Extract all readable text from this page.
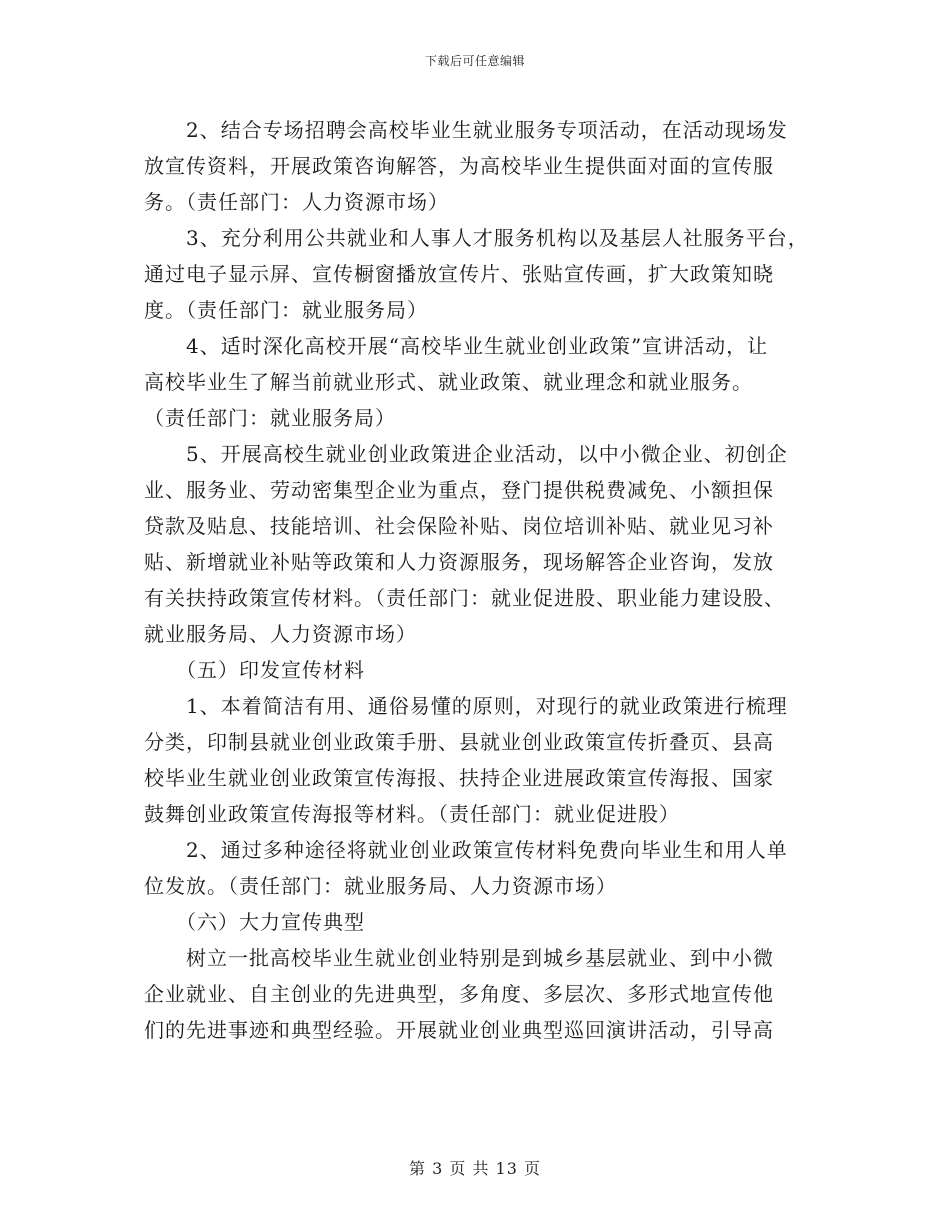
下载后可任意编辑
　　2、结合专场招聘会高校毕业生就业服务专项活动，在活动现场发
放宣传资料，开展政策咨询解答，为高校毕业生提供面对面的宣传服
务。（责任部门：人力资源市场）
　　3、充分利用公共就业和人事人才服务机构以及基层人社服务平台，
通过电子显示屏、宣传橱窗播放宣传片、张贴宣传画，扩大政策知晓
度。（责任部门：就业服务局）
　　4、适时深化高校开展“高校毕业生就业创业政策”宣讲活动，让
高校毕业生了解当前就业形式、就业政策、就业理念和就业服务。
（责任部门：就业服务局）
　　5、开展高校生就业创业政策进企业活动，以中小微企业、初创企
业、服务业、劳动密集型企业为重点，登门提供税费减免、小额担保
贷款及贴息、技能培训、社会保险补贴、岗位培训补贴、就业见习补
贴、新增就业补贴等政策和人力资源服务，现场解答企业咨询，发放
有关扶持政策宣传材料。（责任部门：就业促进股、职业能力建设股、
就业服务局、人力资源市场）
　　（五）印发宣传材料
　　1、本着简洁有用、通俗易懂的原则，对现行的就业政策进行梳理
分类，印制县就业创业政策手册、县就业创业政策宣传折叠页、县高
校毕业生就业创业政策宣传海报、扶持企业进展政策宣传海报、国家
鼓舞创业政策宣传海报等材料。（责任部门：就业促进股）
　　2、通过多种途径将就业创业政策宣传材料免费向毕业生和用人单
位发放。（责任部门：就业服务局、人力资源市场）
　　（六）大力宣传典型
　　树立一批高校毕业生就业创业特别是到城乡基层就业、到中小微
企业就业、自主创业的先进典型，多角度、多层次、多形式地宣传他
们的先进事迹和典型经验。开展就业创业典型巡回演讲活动，引导高
第 3 页 共 13 页
